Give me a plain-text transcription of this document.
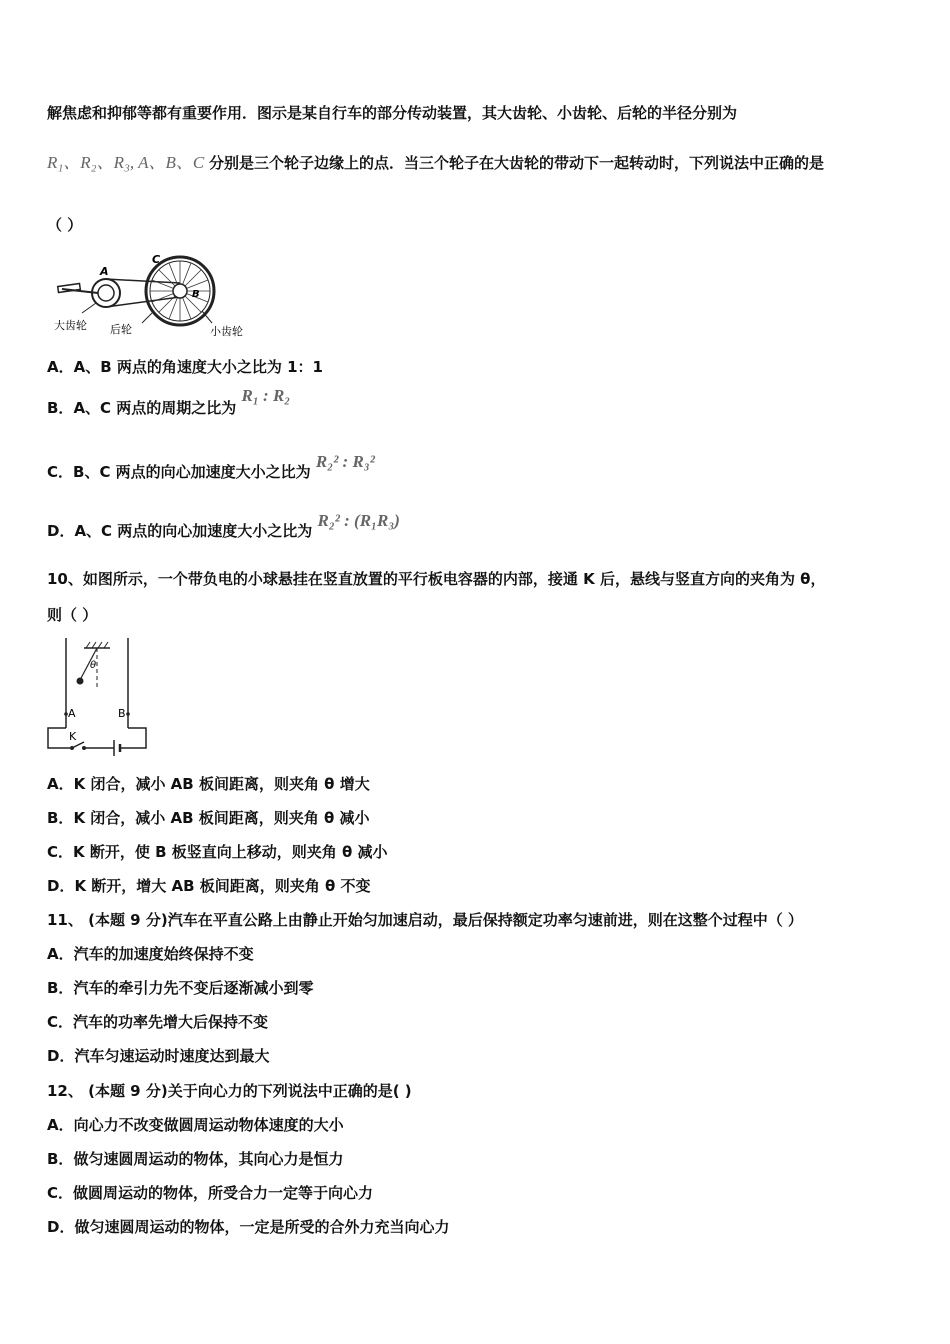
解焦虑和抑郁等都有重要作用．图示是某自行车的部分传动装置，其大齿轮、小齿轮、后轮的半径分别为
R₁、R₂、R₃, A、B、C 分别是三个轮子边缘上的点．当三个轮子在大齿轮的带动下一起转动时，下列说法中正确的是
（ ）
A
C
B
大齿轮 后轮	小齿轮
A．A、B 两点的角速度大小之比为 1：1
B．A、C 两点的周期之比为 R₁ : R₂
C．B、C 两点的向心加速度大小之比为 R₂² : R₃²
D．A、C 两点的向心加速度大小之比为 R₂² : (R₁R₃)
10、如图所示，一个带负电的小球悬挂在竖直放置的平行板电容器的内部，接通 K 后，悬线与竖直方向的夹角为 θ，
则（ ）
θ
A	B
K
A．K 闭合，减小 AB 板间距离，则夹角 θ 增大
B．K 闭合，减小 AB 板间距离，则夹角 θ 减小
C．K 断开，使 B 板竖直向上移动，则夹角 θ 减小
D．K 断开，增大 AB 板间距离，则夹角 θ 不变
11、 (本题 9 分)汽车在平直公路上由静止开始匀加速启动，最后保持额定功率匀速前进，则在这整个过程中（ ）
A．汽车的加速度始终保持不变
B．汽车的牵引力先不变后逐渐减小到零
C．汽车的功率先增大后保持不变
D．汽车匀速运动时速度达到最大
12、 (本题 9 分)关于向心力的下列说法中正确的是( )
A．向心力不改变做圆周运动物体速度的大小
B．做匀速圆周运动的物体，其向心力是恒力
C．做圆周运动的物体，所受合力一定等于向心力
D．做匀速圆周运动的物体，一定是所受的合外力充当向心力
